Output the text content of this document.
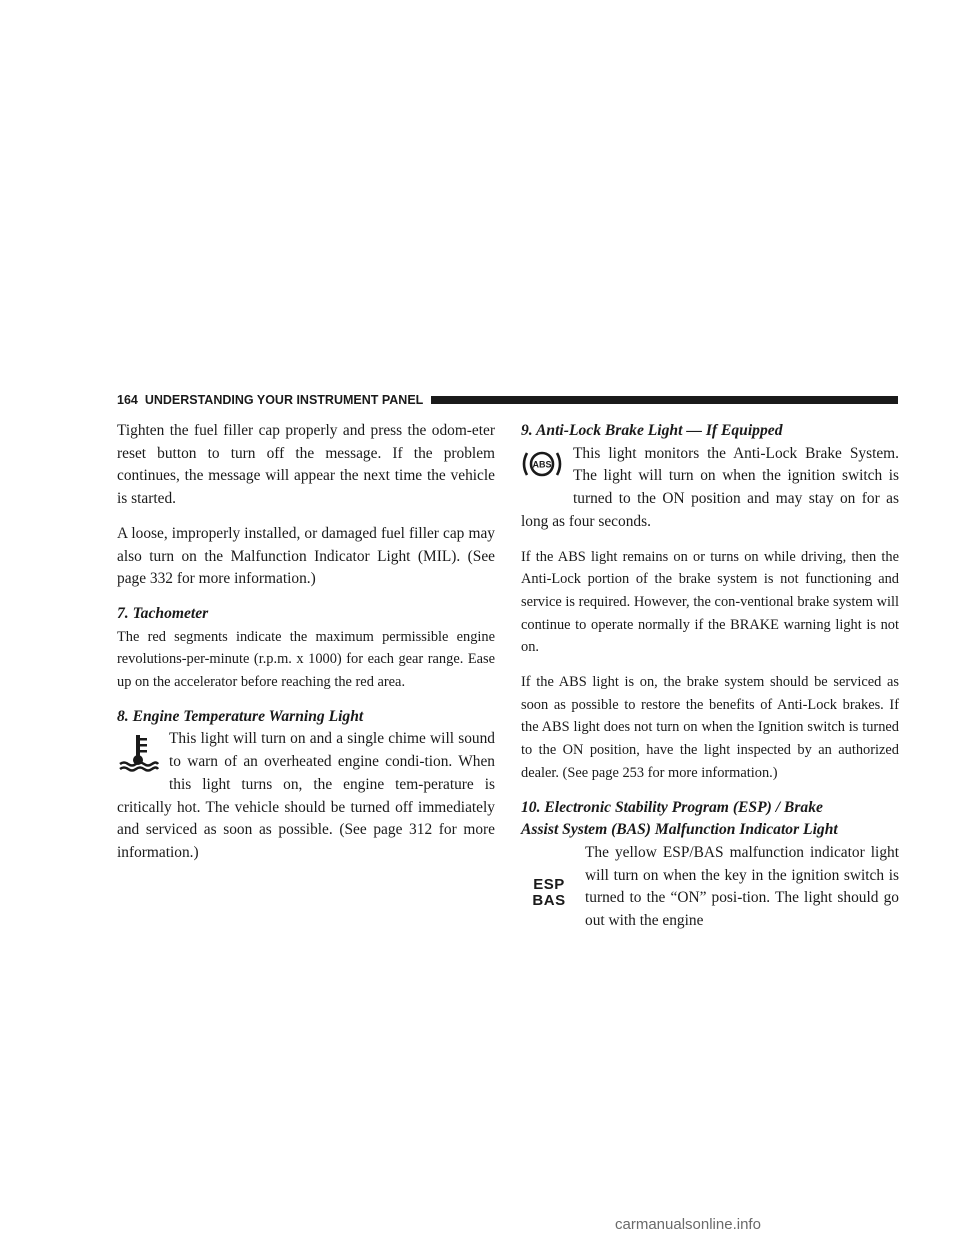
164 UNDERSTANDING YOUR INSTRUMENT PANEL

Tighten the fuel filler cap properly and press the odom-eter reset button to turn off the message. If the problem continues, the message will appear the next time the vehicle is started.

A loose, improperly installed, or damaged fuel filler cap may also turn on the Malfunction Indicator Light (MIL). (See page 332 for more information.)

7. Tachometer

The red segments indicate the maximum permissible engine revolutions-per-minute (r.p.m. x 1000) for each gear range. Ease up on the accelerator before reaching the red area.

8. Engine Temperature Warning Light

This light will turn on and a single chime will sound to warn of an overheated engine condi-tion. When this light turns on, the engine tem-perature is critically hot. The vehicle should be turned off immediately and serviced as soon as possible. (See page 312 for more information.)

9. Anti-Lock Brake Light — If Equipped

ABS
This light monitors the Anti-Lock Brake System. The light will turn on when the ignition switch is turned to the ON position and may stay on for as long as four seconds.

If the ABS light remains on or turns on while driving, then the Anti-Lock portion of the brake system is not functioning and service is required. However, the con-ventional brake system will continue to operate normally if the BRAKE warning light is not on.

If the ABS light is on, the brake system should be serviced as soon as possible to restore the benefits of Anti-Lock brakes. If the ABS light does not turn on when the Ignition switch is turned to the ON position, have the light inspected by an authorized dealer. (See page 253 for more information.)

10. Electronic Stability Program (ESP) / Brake
Assist System (BAS) Malfunction Indicator Light

ESP
BAS
The yellow ESP/BAS malfunction indicator light will turn on when the key in the ignition switch is turned to the “ON” posi-tion. The light should go out with the engine

carmanualsonline.info
